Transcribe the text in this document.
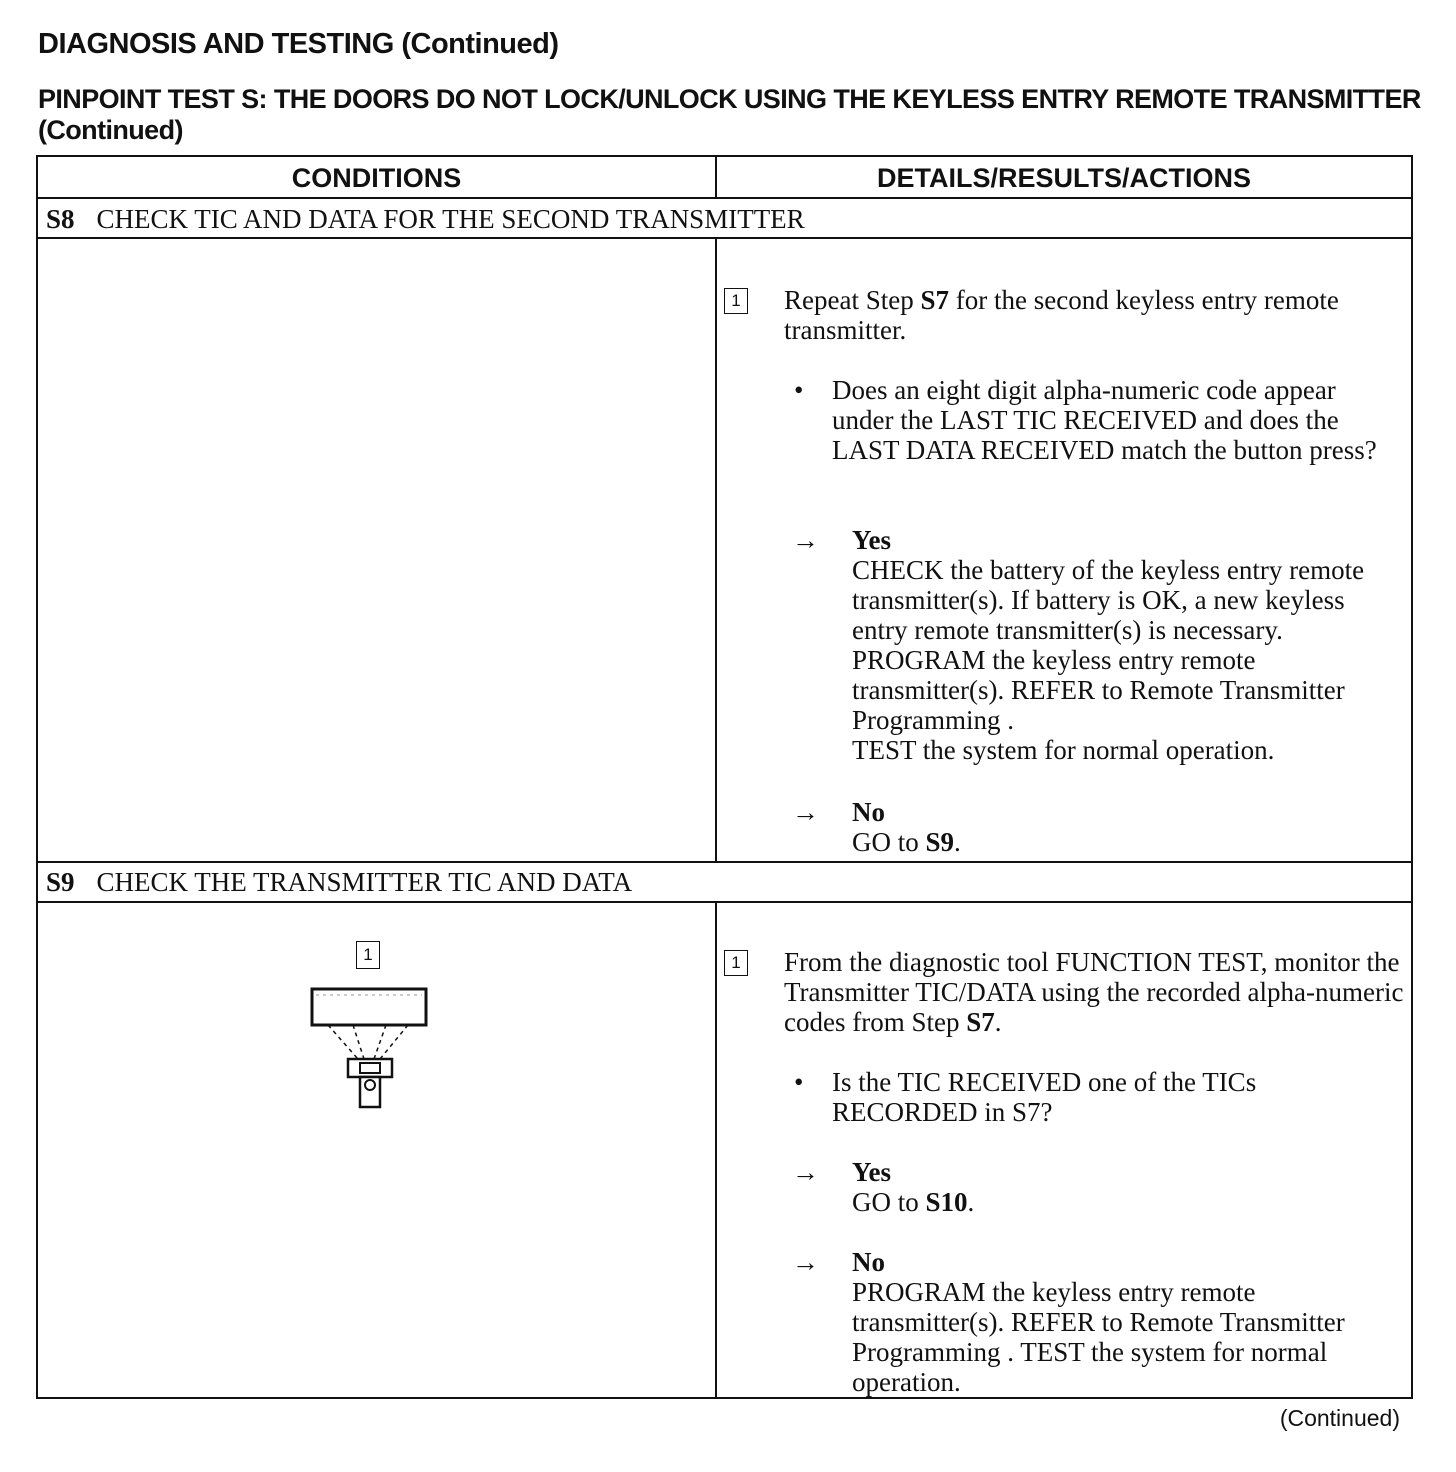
DIAGNOSIS AND TESTING (Continued)
PINPOINT TEST S: THE DOORS DO NOT LOCK/UNLOCK USING THE KEYLESS ENTRY REMOTE TRANSMITTER (Continued)
CONDITIONS	DETAILS/RESULTS/ACTIONS
S8 CHECK TIC AND DATA FOR THE SECOND TRANSMITTER
1 Repeat Step S7 for the second keyless entry remote transmitter.
• Does an eight digit alpha-numeric code appear under the LAST TIC RECEIVED and does the LAST DATA RECEIVED match the button press?
→ Yes
CHECK the battery of the keyless entry remote transmitter(s). If battery is OK, a new keyless entry remote transmitter(s) is necessary. PROGRAM the keyless entry remote transmitter(s). REFER to Remote Transmitter Programming .
TEST the system for normal operation.
→ No
GO to S9.
S9 CHECK THE TRANSMITTER TIC AND DATA
1	1 From the diagnostic tool FUNCTION TEST, monitor the Transmitter TIC/DATA using the recorded alpha-numeric codes from Step S7.
• Is the TIC RECEIVED one of the TICs RECORDED in S7?
→ Yes
GO to S10.
→ No
PROGRAM the keyless entry remote transmitter(s). REFER to Remote Transmitter Programming . TEST the system for normal operation.
(Continued)
